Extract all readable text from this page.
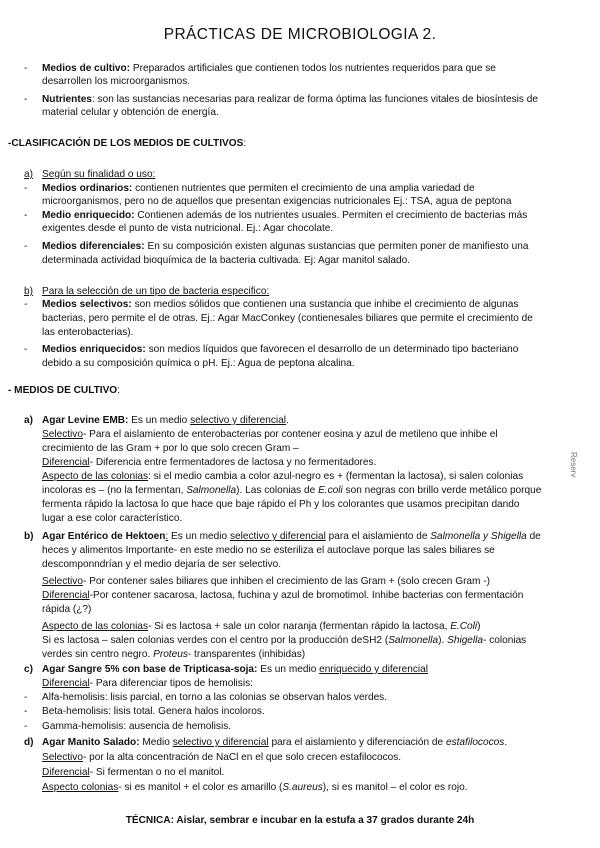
PRÁCTICAS DE MICROBIOLOGIA 2.
- Medios de cultivo: Preparados artificiales que contienen todos los nutrientes requeridos para que se
desarrollen los microorganismos.
- Nutrientes: son las sustancias necesarias para realizar de forma óptima las funciones vitales de biosíntesis de
material celular y obtención de energía.
-CLASIFICACIÓN DE LOS MEDIOS DE CULTIVOS:
a) Según su finalidad o uso:
- Medios ordinarios: contienen nutrientes que permiten el crecimiento de una amplia variedad de
microorganismos, pero no de aquellos que presentan exigencias nutricionales Ej.: TSA, agua de peptona
- Medio enriquecido: Contienen además de los nutrientes usuales. Permiten el crecimiento de bacterias más
exigentes desde el punto de vista nutricional. Ej.: Agar chocolate.
- Medios diferenciales: En su composición existen algunas sustancias que permiten poner de manifiesto una
determinada actividad bioquímica de la bacteria cultivada. Ej: Agar manitol salado.
b) Para la selección de un tipo de bacteria especifico:
- Medios selectivos: son medios sólidos que contienen una sustancia que inhibe el crecimiento de algunas
bacterias, pero permite el de otras. Ej.: Agar MacConkey (contienesales biliares que permite el crecimiento de
las enterobacterias).
- Medios enriquecidos: son medios líquidos que favorecen el desarrollo de un determinado tipo bacteriano
debido a su composición química o pH. Ej.: Agua de peptona alcalina.
- MEDIOS DE CULTIVO:
a) Agar Levine EMB: Es un medio selectivo y diferencial.
Selectivo- Para el aislamiento de enterobacterias por contener eosina y azul de metileno que inhibe el
crecimiento de las Gram + por lo que solo crecen Gram –
Diferencial- Diferencia entre fermentadores de lactosa y no fermentadores.
Aspecto de las colonias: si el medio cambia a color azul-negro es + (fermentan la lactosa), si salen colonias
incoloras es – (no la fermentan, Salmonella). Las colonias de E.coli son negras con brillo verde metálico porque
fermenta rápido la lactosa lo que hace que baje rápido el Ph y los colorantes que usamos precipitan dando
lugar a ese color característico.
b) Agar Entérico de Hektoen: Es un medio selectivo y diferencial para el aislamiento de Salmonella y Shigella de
heces y alimentos Importante- en este medio no se esteriliza el autoclave porque las sales biliares se
descomponndrían y el medio dejaría de ser selectivo.
Selectivo- Por contener sales biliares que inhiben el crecimiento de las Gram + (solo crecen Gram -)
Diferencial-Por contener sacarosa, lactosa, fuchina y azul de bromotimol. Inhibe bacterias con fermentación
rápida (¿?)
Aspecto de las colonias- Si es lactosa + sale un color naranja (fermentan rápido la lactosa, E.Coli)
Si es lactosa – salen colonias verdes con el centro por la producción deSH2 (Salmonella). Shigella- colonias
verdes sin centro negro. Proteus- transparentes (inhibidas)
c) Agar Sangre 5% con base de Tripticasa-soja: Es un medio enriquecido y diferencial
Diferencial- Para diferenciar tipos de hemolisis:
- Alfa-hemolisis: lisis parcial, en torno a las colonias se observan halos verdes.
- Beta-hemolisis: lisis total. Genera halos incoloros.
- Gamma-hemolisis: ausencia de hemolisis.
d) Agar Manito Salado: Medio selectivo y diferencial para el aislamiento y diferenciación de estafilococos.
Selectivo- por la alta concentración de NaCl en el que solo crecen estafilococos.
Diferencial- Si fermentan o no el manitol.
Aspecto colonias- si es manitol + el color es amarillo (S.aureus), si es manitol – el color es rojo.
TÉCNICA: Aislar, sembrar e incubar en la estufa a 37 grados durante 24h
Reserv
